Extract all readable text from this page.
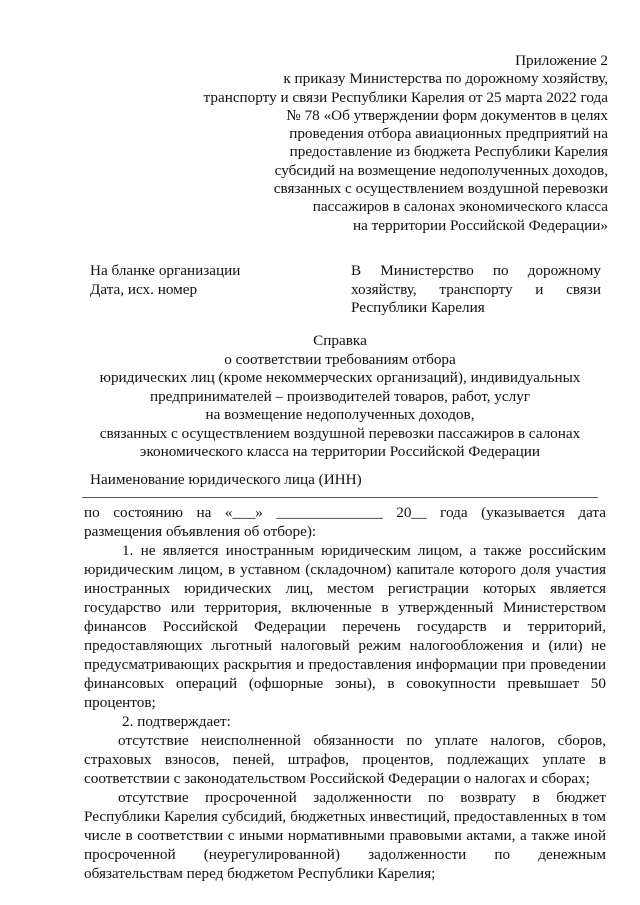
Приложение 2
к приказу Министерства по дорожному хозяйству,
транспорту и связи Республики Карелия от 25 марта 2022 года
№ 78 «Об утверждении форм документов в целях
проведения отбора авиационных предприятий на
предоставление из бюджета Республики Карелия
субсидий на возмещение недополученных доходов,
связанных с осуществлением воздушной перевозки
пассажиров в салонах экономического класса
на территории Российской Федерации»
На бланке организации
Дата, исх. номер
В Министерство по дорожному
хозяйству, транспорту и связи
Республики Карелия
Справка
о соответствии требованиям отбора
юридических лиц (кроме некоммерческих организаций), индивидуальных
предпринимателей – производителей товаров, работ, услуг
на возмещение недополученных доходов,
связанных с осуществлением воздушной перевозки пассажиров в салонах
экономического класса на территории Российской Федерации
Наименование юридического лица (ИНН)

по состоянию на «___» ______________ 20__ года (указывается дата размещения объявления об отборе):

1. не является иностранным юридическим лицом, а также российским юридическим лицом, в уставном (складочном) капитале которого доля участия иностранных юридических лиц, местом регистрации которых является государство или территория, включенные в утвержденный Министерством финансов Российской Федерации перечень государств и территорий, предоставляющих льготный налоговый режим налогообложения и (или) не предусматривающих раскрытия и предоставления информации при проведении финансовых операций (офшорные зоны), в совокупности превышает 50 процентов;

2. подтверждает:

отсутствие неисполненной обязанности по уплате налогов, сборов, страховых взносов, пеней, штрафов, процентов, подлежащих уплате в соответствии с законодательством Российской Федерации о налогах и сборах;

отсутствие просроченной задолженности по возврату в бюджет Республики Карелия субсидий, бюджетных инвестиций, предоставленных в том числе в соответствии с иными нормативными правовыми актами, а также иной просроченной (неурегулированной) задолженности по денежным обязательствам перед бюджетом Республики Карелия;
